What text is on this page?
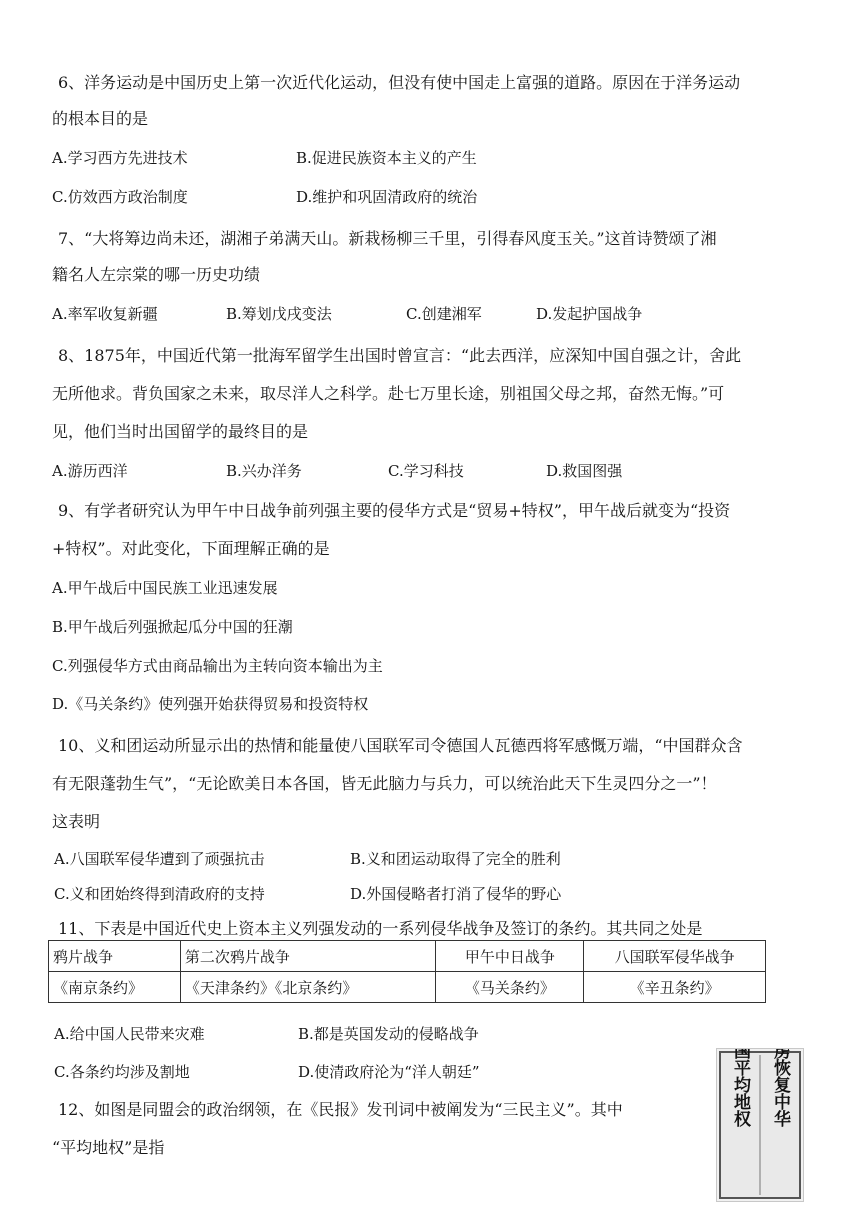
6、洋务运动是中国历史上第一次近代化运动，但没有使中国走上富强的道路。原因在于洋务运动
的根本目的是
A.学习西方先进技术	B.促进民族资本主义的产生
C.仿效西方政治制度	D.维护和巩固清政府的统治
7、“大将筹边尚未还，湖湘子弟满天山。新栽杨柳三千里，引得春风度玉关。”这首诗赞颂了湘
籍名人左宗棠的哪一历史功绩
A.率军收复新疆	B.筹划戊戌变法	C.创建湘军	D.发起护国战争
8、1875年，中国近代第一批海军留学生出国时曾宣言：“此去西洋，应深知中国自强之计，舍此
无所他求。背负国家之未来，取尽洋人之科学。赴七万里长途，别祖国父母之邦，奋然无悔。”可
见，他们当时出国留学的最终目的是
A.游历西洋	B.兴办洋务	C.学习科技	D.救国图强
9、有学者研究认为甲午中日战争前列强主要的侵华方式是“贸易+特权”，甲午战后就变为“投资
+特权”。对此变化，下面理解正确的是
A.甲午战后中国民族工业迅速发展
B.甲午战后列强掀起瓜分中国的狂潮
C.列强侵华方式由商品输出为主转向资本输出为主
D.《马关条约》使列强开始获得贸易和投资特权
10、义和团运动所显示出的热情和能量使八国联军司令德国人瓦德西将军感慨万端，“中国群众含
有无限蓬勃生气”，“无论欧美日本各国，皆无此脑力与兵力，可以统治此天下生灵四分之一”！
这表明
A.八国联军侵华遭到了顽强抗击	B.义和团运动取得了完全的胜利
C.义和团始终得到清政府的支持	D.外国侵略者打消了侵华的野心
11、下表是中国近代史上资本主义列强发动的一系列侵华战争及签订的条约。其共同之处是
鸦片战争	第二次鸦片战争	甲午中日战争	八国联军侵华战争
《南京条约》	《天津条约》《北京条约》	《马关条约》	《辛丑条约》
A.给中国人民带来灾难	B.都是英国发动的侵略战争
C.各条约均涉及割地	D.使清政府沦为“洋人朝廷”
12、如图是同盟会的政治纲领，在《民报》发刊词中被阐发为“三民主义”。其中
“平均地权”是指
驱除鞑虏恢复中华
创立民国平均地权
